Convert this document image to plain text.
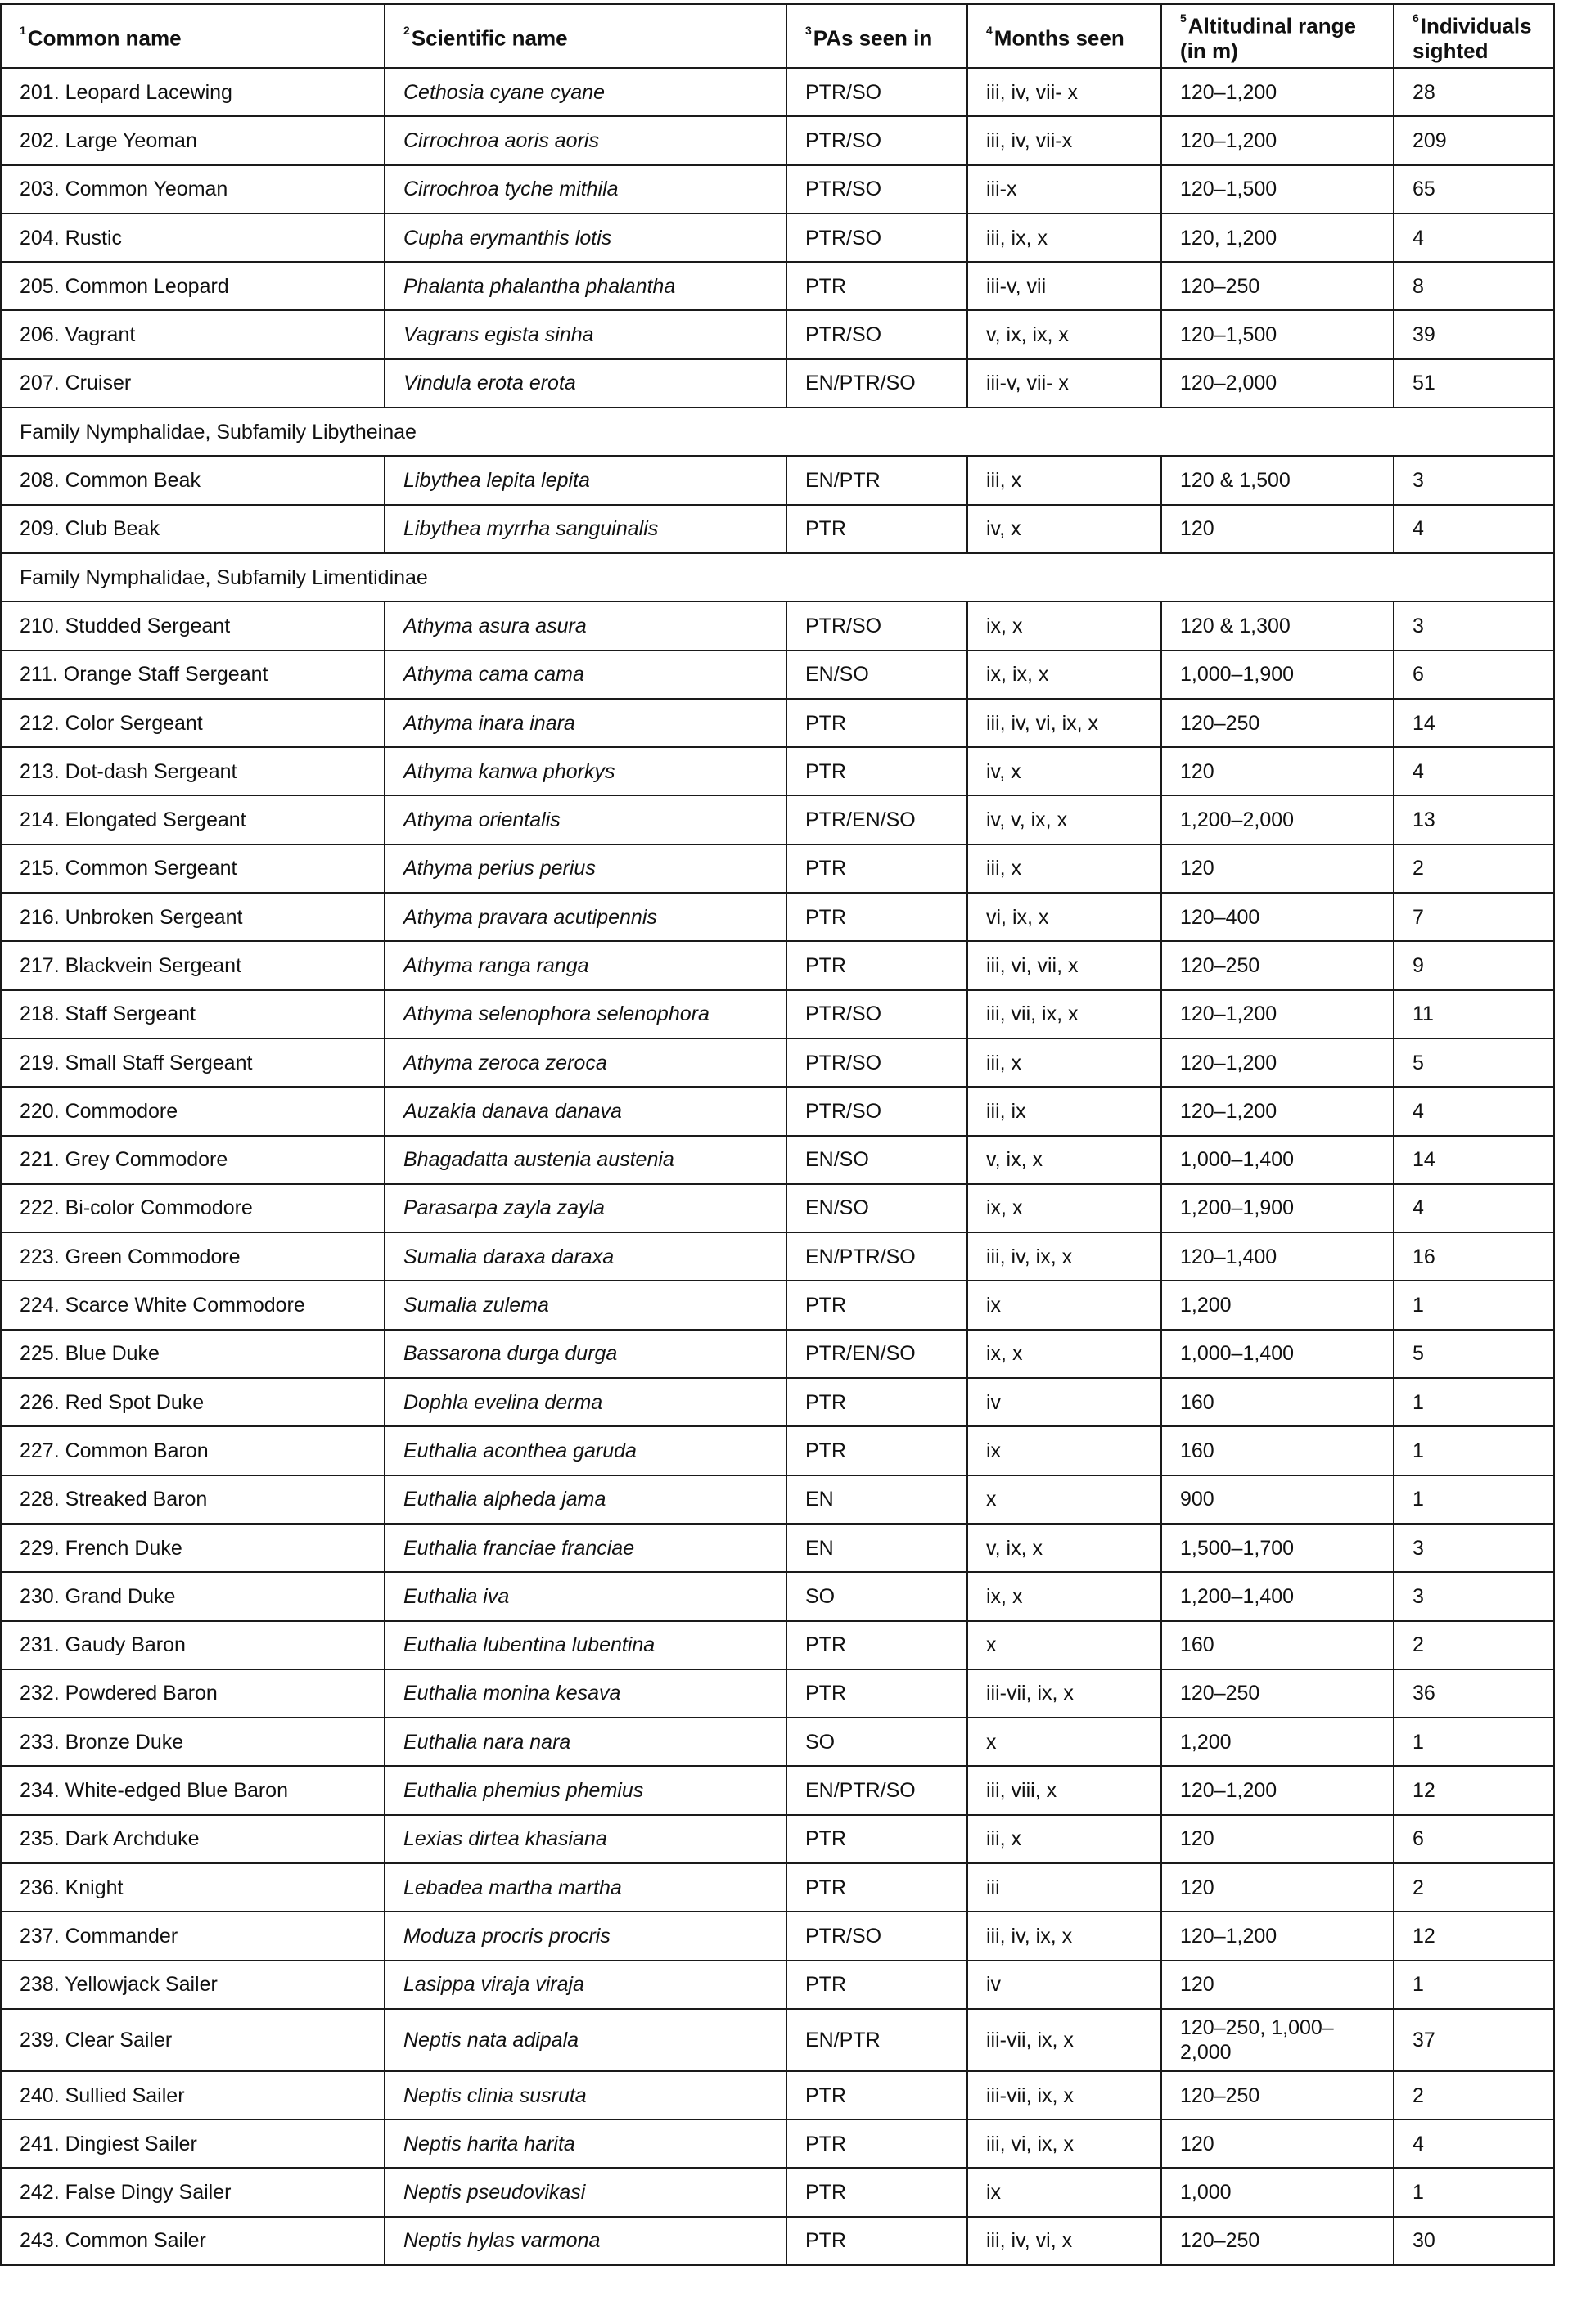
$^1$Common name	$^2$Scientific name	$^3$PAs seen in	$^4$Months seen	$^5$Altitudinal range (in m)	$^6$Individuals sighted
201. Leopard Lacewing	Cethosia cyane cyane	PTR/SO	iii, iv, vii- x	120–1,200	28
202. Large Yeoman	Cirrochroa aoris aoris	PTR/SO	iii, iv, vii-x	120–1,200	209
203. Common Yeoman	Cirrochroa tyche mithila	PTR/SO	iii-x	120–1,500	65
204. Rustic	Cupha erymanthis lotis	PTR/SO	iii, ix, x	120, 1,200	4
205. Common Leopard	Phalanta phalantha phalantha	PTR	iii-v, vii	120–250	8
206. Vagrant	Vagrans egista sinha	PTR/SO	v, ix, ix, x	120–1,500	39
207. Cruiser	Vindula erota erota	EN/PTR/SO	iii-v, vii- x	120–2,000	51
Family Nymphalidae, Subfamily Libytheinae					
208. Common Beak	Libythea lepita lepita	EN/PTR	iii, x	120 & 1,500	3
209. Club Beak	Libythea myrrha sanguinalis	PTR	iv, x	120	4
Family Nymphalidae, Subfamily Limentidinae					
210. Studded Sergeant	Athyma asura asura	PTR/SO	ix, x	120 & 1,300	3
211. Orange Staff Sergeant	Athyma cama cama	EN/SO	ix, ix, x	1,000–1,900	6
212. Color Sergeant	Athyma inara inara	PTR	iii, iv, vi, ix, x	120–250	14
213. Dot-dash Sergeant	Athyma kanwa phorkys	PTR	iv, x	120	4
214. Elongated Sergeant	Athyma orientalis	PTR/EN/SO	iv, v, ix, x	1,200–2,000	13
215. Common Sergeant	Athyma perius perius	PTR	iii, x	120	2
216. Unbroken Sergeant	Athyma pravara acutipennis	PTR	vi, ix, x	120–400	7
217. Blackvein Sergeant	Athyma ranga ranga	PTR	iii, vi, vii, x	120–250	9
218. Staff Sergeant	Athyma selenophora selenophora	PTR/SO	iii, vii, ix, x	120–1,200	11
219. Small Staff Sergeant	Athyma zeroca zeroca	PTR/SO	iii, x	120–1,200	5
220. Commodore	Auzakia danava danava	PTR/SO	iii, ix	120–1,200	4
221. Grey Commodore	Bhagadatta austenia austenia	EN/SO	v, ix, x	1,000–1,400	14
222. Bi-color Commodore	Parasarpa zayla zayla	EN/SO	ix, x	1,200–1,900	4
223. Green Commodore	Sumalia daraxa daraxa	EN/PTR/SO	iii, iv, ix, x	120–1,400	16
224. Scarce White Commodore	Sumalia zulema	PTR	ix	1,200	1
225. Blue Duke	Bassarona durga durga	PTR/EN/SO	ix, x	1,000–1,400	5
226. Red Spot Duke	Dophla evelina derma	PTR	iv	160	1
227. Common Baron	Euthalia aconthea garuda	PTR	ix	160	1
228. Streaked Baron	Euthalia alpheda jama	EN	x	900	1
229. French Duke	Euthalia franciae franciae	EN	v, ix, x	1,500–1,700	3
230. Grand Duke	Euthalia iva	SO	ix, x	1,200–1,400	3
231. Gaudy Baron	Euthalia lubentina lubentina	PTR	x	160	2
232. Powdered Baron	Euthalia monina kesava	PTR	iii-vii, ix, x	120–250	36
233. Bronze Duke	Euthalia nara nara	SO	x	1,200	1
234. White-edged Blue Baron	Euthalia phemius phemius	EN/PTR/SO	iii, viii, x	120–1,200	12
235. Dark Archduke	Lexias dirtea khasiana	PTR	iii, x	120	6
236. Knight	Lebadea martha martha	PTR	iii	120	2
237. Commander	Moduza procris procris	PTR/SO	iii, iv, ix, x	120–1,200	12
238. Yellowjack Sailer	Lasippa viraja viraja	PTR	iv	120	1
239. Clear Sailer	Neptis nata adipala	EN/PTR	iii-vii, ix, x	120–250, 1,000–2,000	37
240. Sullied Sailer	Neptis clinia susruta	PTR	iii-vii, ix, x	120–250	2
241. Dingiest Sailer	Neptis harita harita	PTR	iii, vi, ix, x	120	4
242. False Dingy Sailer	Neptis pseudovikasi	PTR	ix	1,000	1
243. Common Sailer	Neptis hylas varmona	PTR	iii, iv, vi, x	120–250	30
